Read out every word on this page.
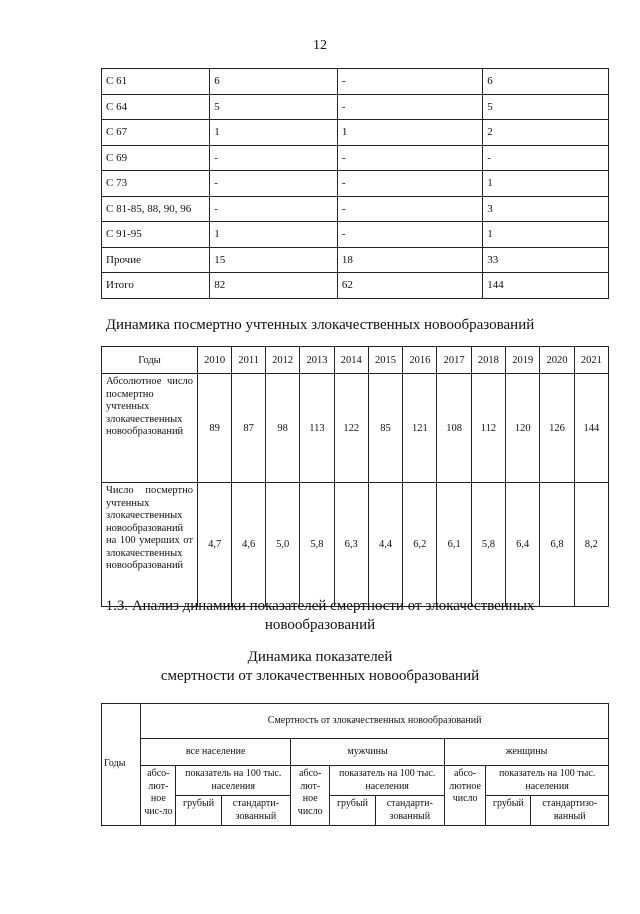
12
С 61	6	-	6
С 64	5	-	5
С 67	1	1	2
С 69	-	-	-
С 73	-	-	1
С 81-85, 88, 90, 96	-	-	3
С 91-95	1	-	1
Прочие	15	18	33
Итого	82	62	144
Динамика посмертно учтенных злокачественных новообразований
Годы	2010	2011	2012	2013	2014	2015	2016	2017	2018	2019	2020	2021
Абсолютное число посмертно учтенных злокачественных новообразований	89	87	98	113	122	85	121	108	112	120	126	144
Число посмертно учтенных злокачественных новообразований на 100 умерших от злокачественных новообразований	4,7	4,6	5,0	5,8	6,3	4,4	6,2	6,1	5,8	6,4	6,8	8,2
1.3. Анализ динамики показателей смертности от злокачественных
новообразований
Динамика показателей
смертности от злокачественных новообразований
Годы	Смертность от злокачественных новообразований								
	все население			мужчины			женщины		
	абсо-лют-ное чис-ло	показатель на 100 тыс. населения		абсо-лют-ное число	показатель на 100 тыс. населения		абсо-лютное число	показатель на 100 тыс. населения	
		грубый	стандарти-зованный		грубый	стандарти-зованный		грубый	стандартизо-ванный
